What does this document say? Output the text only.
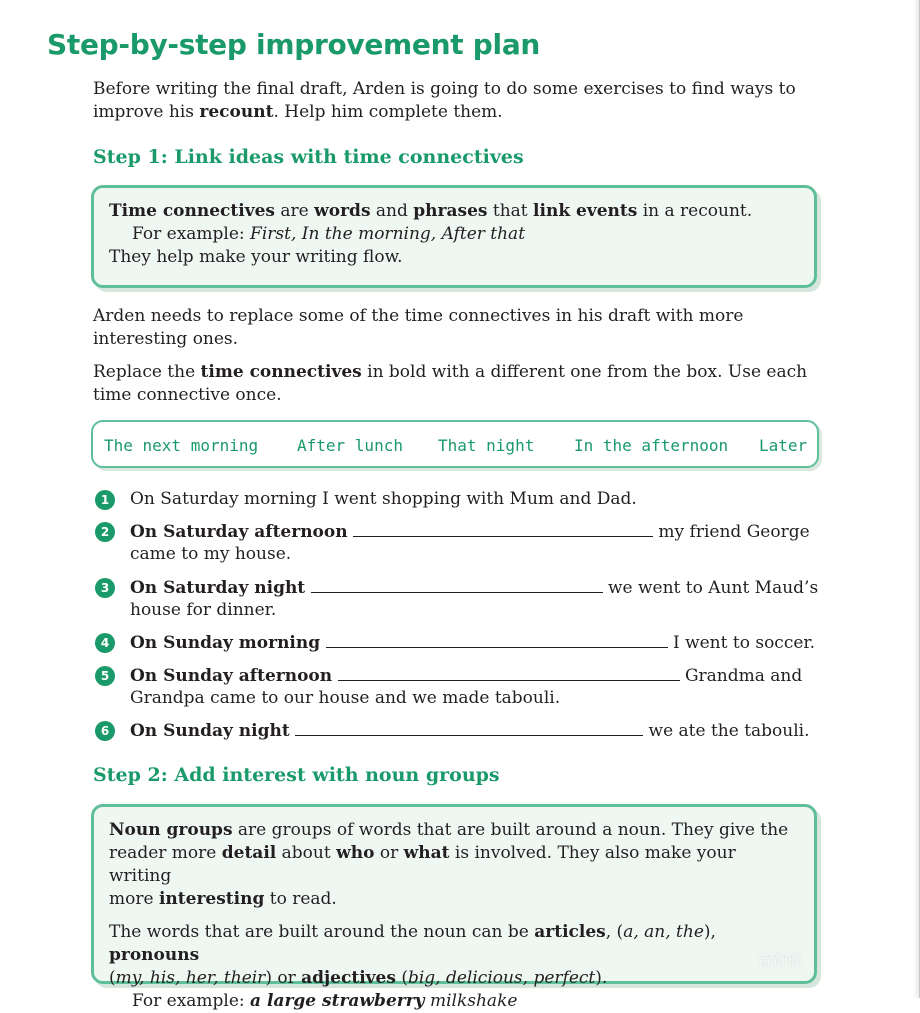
Step-by-step improvement plan

Before writing the final draft, Arden is going to do some exercises to find ways to
improve his recount. Help him complete them.

Step 1: Link ideas with time connectives

Time connectives are words and phrases that link events in a recount.

For example: First, In the morning, After that

They help make your writing flow.

Arden needs to replace some of the time connectives in his draft with more
interesting ones.

Replace the time connectives in bold with a different one from the box. Use each
time connective once.

The next morning After lunch That night In the afternoon Later
1	On Saturday morning I went shopping with Mum and Dad.
2	On Saturday afternoon	my friend George
came to my house.
3	On Saturday night	we went to Aunt Maud’s
house for dinner.
4	On Sunday morning	I went to soccer.
5	On Sunday afternoon	Grandma and
Grandpa came to our house and we made tabouli.
6	On Sunday night	we ate the tabouli.
Step 2: Add interest with noun groups

Noun groups are groups of words that are built around a noun. They give the
reader more detail about who or what is involved. They also make your writing
more interesting to read.

The words that are built around the noun can be articles, (a, an, the), pronouns
(my, his, her, their) or adjectives (big, delicious, perfect).

For example: a large strawberry milkshake

音符猴
